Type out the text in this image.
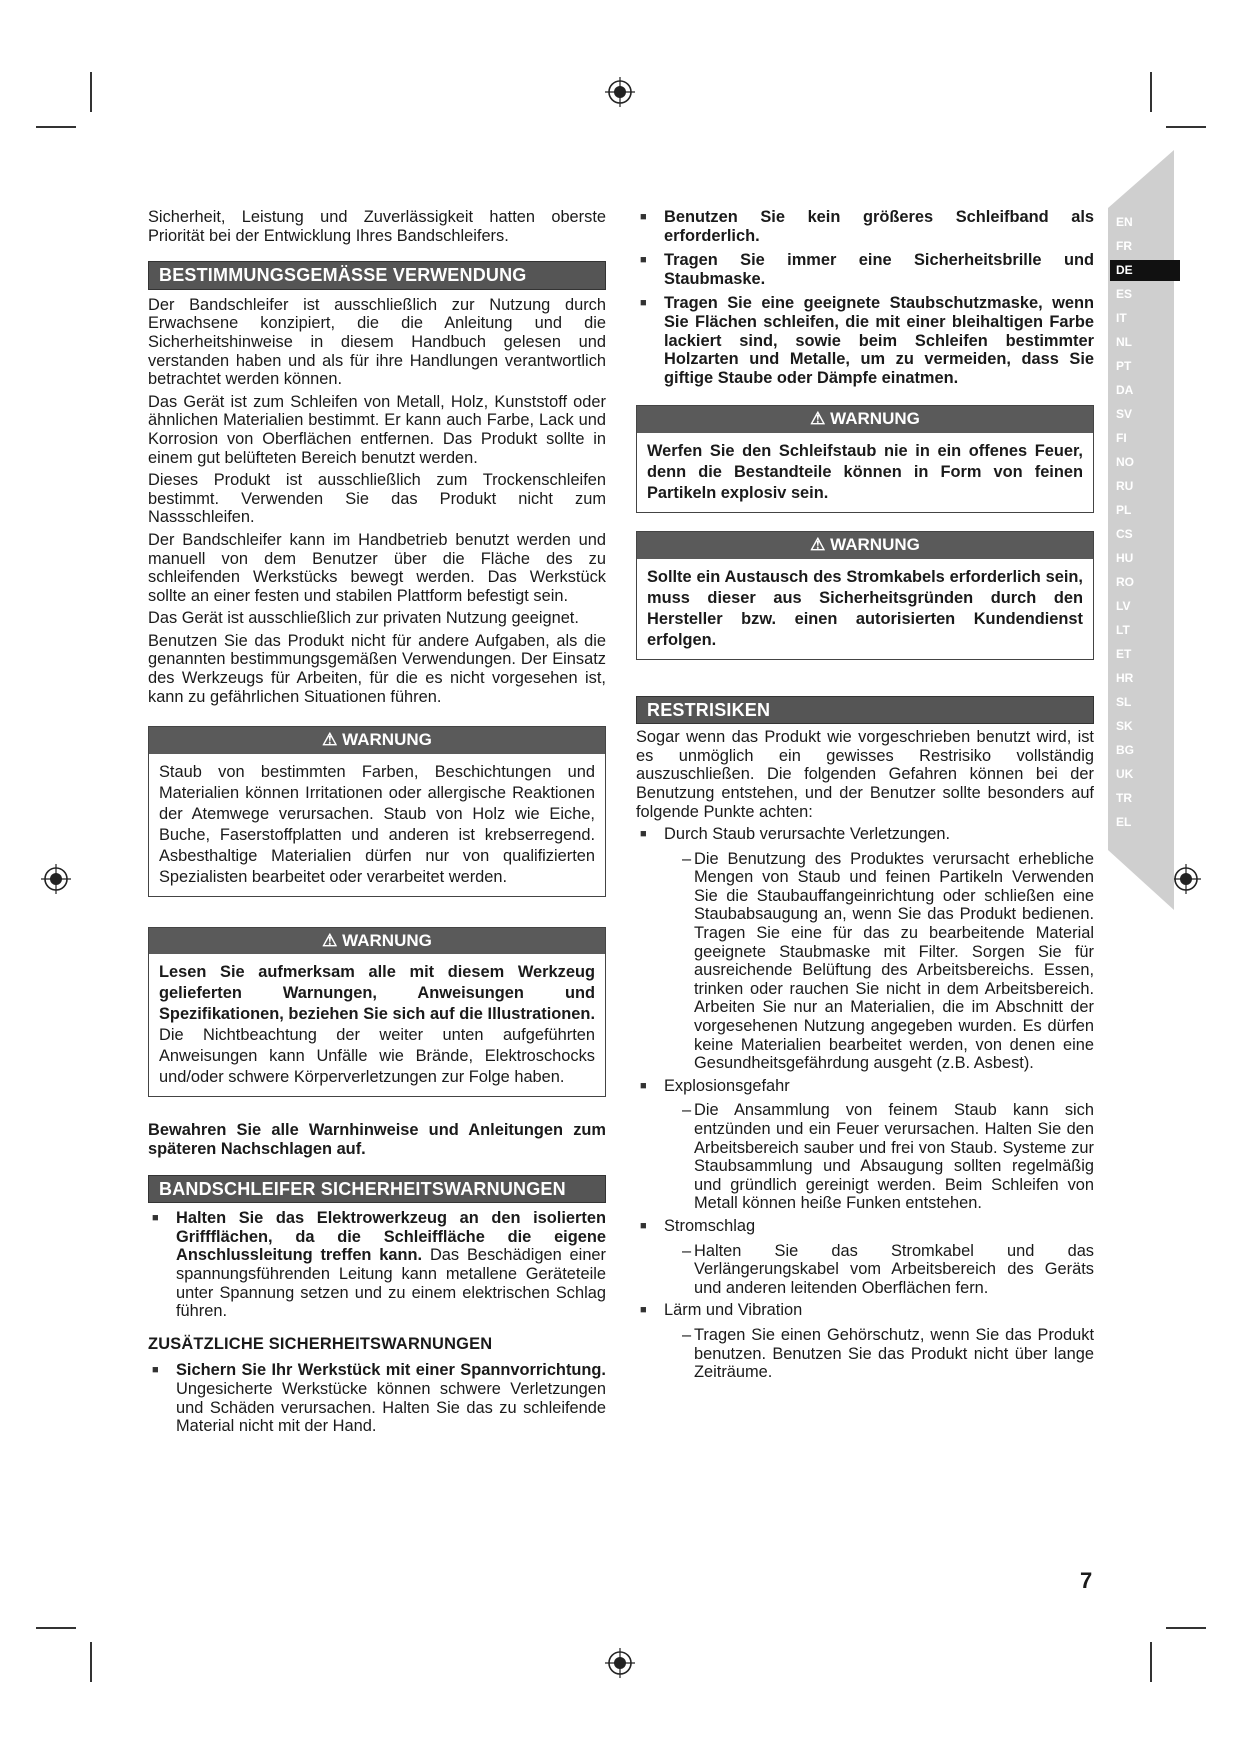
EN
FR
DE
ES
IT
NL
PT
DA
SV
FI
NO
RU
PL
CS
HU
RO
LV
LT
ET
HR
SL
SK
BG
UK
TR
EL

Sicherheit, Leistung und Zuverlässigkeit hatten oberste Priorität bei der Entwicklung Ihres Bandschleifers.

BESTIMMUNGSGEMÄSSE VERWENDUNG

Der Bandschleifer ist ausschließlich zur Nutzung durch Erwachsene konzipiert, die die Anleitung und die Sicherheitshinweise in diesem Handbuch gelesen und verstanden haben und als für ihre Handlungen verantwortlich betrachtet werden können.

Das Gerät ist zum Schleifen von Metall, Holz, Kunststoff oder ähnlichen Materialien bestimmt. Er kann auch Farbe, Lack und Korrosion von Oberflächen entfernen. Das Produkt sollte in einem gut belüfteten Bereich benutzt werden.

Dieses Produkt ist ausschließlich zum Trockenschleifen bestimmt. Verwenden Sie das Produkt nicht zum Nassschleifen.

Der Bandschleifer kann im Handbetrieb benutzt werden und manuell von dem Benutzer über die Fläche des zu schleifenden Werkstücks bewegt werden. Das Werkstück sollte an einer festen und stabilen Plattform befestigt sein.

Das Gerät ist ausschließlich zur privaten Nutzung geeignet.

Benutzen Sie das Produkt nicht für andere Aufgaben, als die genannten bestimmungsgemäßen Verwendungen. Der Einsatz des Werkzeugs für Arbeiten, für die es nicht vorgesehen ist, kann zu gefährlichen Situationen führen.

⚠ WARNUNG
Staub von bestimmten Farben, Beschichtungen und Materialien können Irritationen oder allergische Reaktionen der Atemwege verursachen. Staub von Holz wie Eiche, Buche, Faserstoffplatten und anderen ist krebserregend. Asbesthaltige Materialien dürfen nur von qualifizierten Spezialisten bearbeitet oder verarbeitet werden.
⚠ WARNUNG
Lesen Sie aufmerksam alle mit diesem Werkzeug gelieferten Warnungen, Anweisungen und Spezifikationen, beziehen Sie sich auf die Illustrationen. Die Nichtbeachtung der weiter unten aufgeführten Anweisungen kann Unfälle wie Brände, Elektroschocks und/oder schwere Körperverletzungen zur Folge haben.

Bewahren Sie alle Warnhinweise und Anleitungen zum späteren Nachschlagen auf.

BANDSCHLEIFER SICHERHEITSWARNUNGEN
■ Halten Sie das Elektrowerkzeug an den isolierten Griffflächen, da die Schleiffläche die eigene Anschlussleitung treffen kann. Das Beschädigen einer spannungsführenden Leitung kann metallene Geräteteile unter Spannung setzen und zu einem elektrischen Schlag führen.
ZUSÄTZLICHE SICHERHEITSWARNUNGEN
■ Sichern Sie Ihr Werkstück mit einer Spannvorrichtung. Ungesicherte Werkstücke können schwere Verletzungen und Schäden verursachen. Halten Sie das zu schleifende Material nicht mit der Hand.
■ Benutzen Sie kein größeres Schleifband als erforderlich.
■ Tragen Sie immer eine Sicherheitsbrille und Staubmaske.
■ Tragen Sie eine geeignete Staubschutzmaske, wenn Sie Flächen schleifen, die mit einer bleihaltigen Farbe lackiert sind, sowie beim Schleifen bestimmter Holzarten und Metalle, um zu vermeiden, dass Sie giftige Staube oder Dämpfe einatmen.
⚠ WARNUNG
Werfen Sie den Schleifstaub nie in ein offenes Feuer, denn die Bestandteile können in Form von feinen Partikeln explosiv sein.
⚠ WARNUNG
Sollte ein Austausch des Stromkabels erforderlich sein, muss dieser aus Sicherheitsgründen durch den Hersteller bzw. einen autorisierten Kundendienst erfolgen.
RESTRISIKEN

Sogar wenn das Produkt wie vorgeschrieben benutzt wird, ist es unmöglich ein gewisses Restrisiko vollständig auszuschließen. Die folgenden Gefahren können bei der Benutzung entstehen, und der Benutzer sollte besonders auf folgende Punkte achten:

■ Durch Staub verursachte Verletzungen.
– Die Benutzung des Produktes verursacht erhebliche Mengen von Staub und feinen Partikeln Verwenden Sie die Staubauffangeinrichtung oder schließen eine Staubabsaugung an, wenn Sie das Produkt bedienen. Tragen Sie eine für das zu bearbeitende Material geeignete Staubmaske mit Filter. Sorgen Sie für ausreichende Belüftung des Arbeitsbereichs. Essen, trinken oder rauchen Sie nicht in dem Arbeitsbereich. Arbeiten Sie nur an Materialien, die im Abschnitt der vorgesehenen Nutzung angegeben wurden. Es dürfen keine Materialien bearbeitet werden, von denen eine Gesundheitsgefährdung ausgeht (z.B. Asbest).
■ Explosionsgefahr
– Die Ansammlung von feinem Staub kann sich entzünden und ein Feuer verursachen. Halten Sie den Arbeitsbereich sauber und frei von Staub. Systeme zur Staubsammlung und Absaugung sollten regelmäßig und gründlich gereinigt werden. Beim Schleifen von Metall können heiße Funken entstehen.
■ Stromschlag
– Halten Sie das Stromkabel und das Verlängerungskabel vom Arbeitsbereich des Geräts und anderen leitenden Oberflächen fern.
■ Lärm und Vibration
– Tragen Sie einen Gehörschutz, wenn Sie das Produkt benutzen. Benutzen Sie das Produkt nicht über lange Zeiträume.
7
